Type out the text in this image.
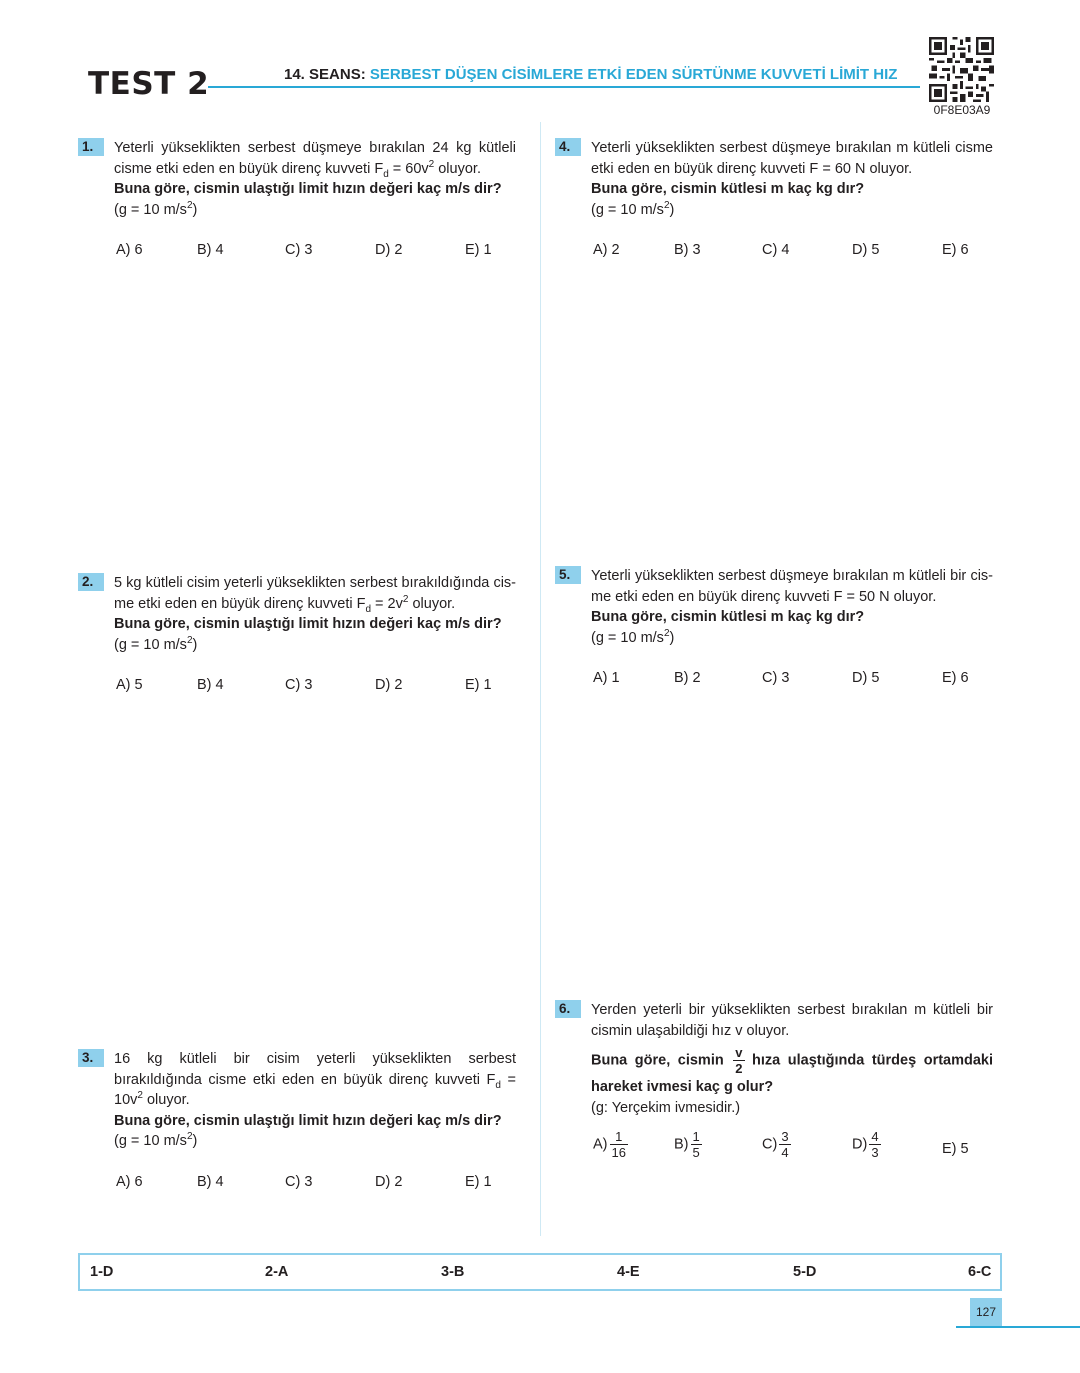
TEST 2	14. SEANS: SERBEST DÜŞEN CİSİMLERE ETKİ EDEN SÜRTÜNME KUVVETİ LİMİT HIZ
0F8E03A9
1.	Yeterli yükseklikten serbest düşmeye bırakılan 24 kg kütleli cisme etki eden en büyük direnç kuvveti $F_d = 60v^2$ oluyor.

Buna göre, cismin ulaştığı limit hızın değeri kaç m/s dir?

(g = 10 $m/s^2$)

A) 6	B) 4	C) 3	D) 2	E) 1
2.	5 kg kütleli cisim yeterli yükseklikten serbest bırakıldığında cis-me etki eden en büyük direnç kuvveti $F_d = 2v^2$ oluyor.

Buna göre, cismin ulaştığı limit hızın değeri kaç m/s dir?

(g = 10 $m/s^2$)

A) 5	B) 4	C) 3	D) 2	E) 1
3.	16 kg kütleli bir cisim yeterli yükseklikten serbest bırakıldığında cisme etki eden en büyük direnç kuvveti $F_d = 10v^2$ oluyor.

Buna göre, cismin ulaştığı limit hızın değeri kaç m/s dir?

(g = 10 $m/s^2$)

A) 6	B) 4	C) 3	D) 2	E) 1
4.	Yeterli yükseklikten serbest düşmeye bırakılan m kütleli cisme etki eden en büyük direnç kuvveti F = 60 N oluyor.

Buna göre, cismin kütlesi m kaç kg dır?

(g = 10 $m/s^2$)

A) 2	B) 3	C) 4	D) 5	E) 6
5.	Yeterli yükseklikten serbest düşmeye bırakılan m kütleli bir cis-me etki eden en büyük direnç kuvveti F = 50 N oluyor.

Buna göre, cismin kütlesi m kaç kg dır?

(g = 10 $m/s^2$)

A) 1	B) 2	C) 3	D) 5	E) 6
6.	Yerden yeterli bir yükseklikten serbest bırakılan m kütleli bir cismin ulaşabildiği hız v oluyor.

Buna göre, cismin $\frac{v}{2}$ hıza ulaştığında türdeş ortamdaki hareket ivmesi kaç g olur?

(g: Yerçekim ivmesidir.)

$A) \frac{1}{16}$	$B) \frac{1}{5}$	$C) \frac{3}{4}$	$D) \frac{4}{3}$	E) 5
1-D	2-A	3-B	4-E	5-D	6-C
127
